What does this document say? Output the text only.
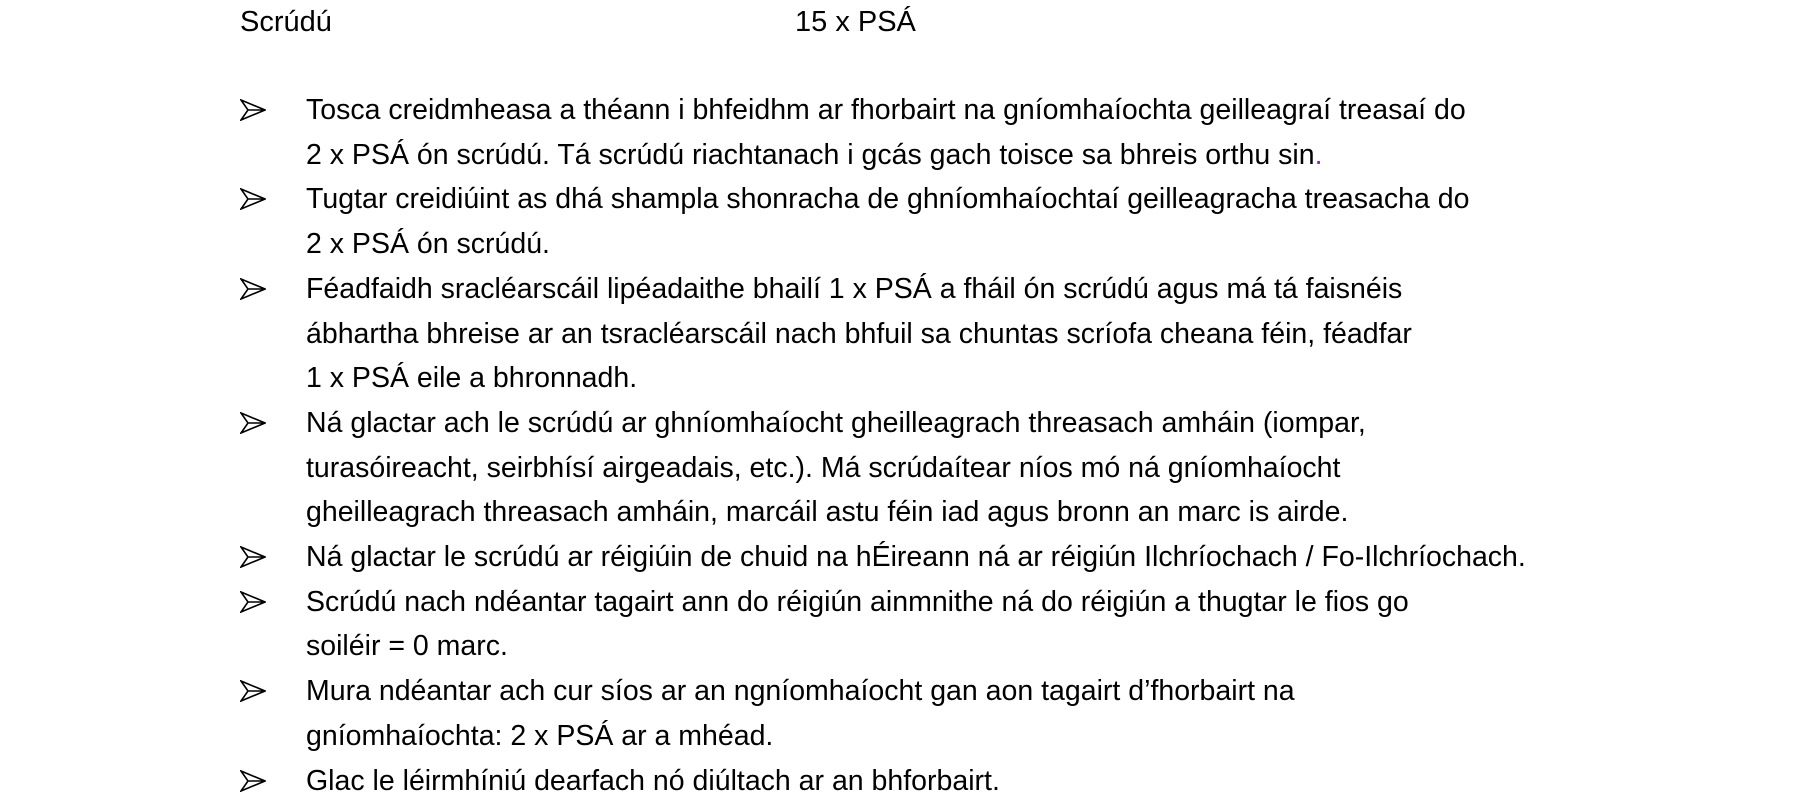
Scrúdú	15 x PSÁ
Tosca creidmheasa a théann i bhfeidhm ar fhorbairt na gníomhaíochta geilleagraí treasaí do
2 x PSÁ ón scrúdú. Tá scrúdú riachtanach i gcás gach toisce sa bhreis orthu sin.
Tugtar creidiúint as dhá shampla shonracha de ghníomhaíochtaí geilleagracha treasacha do
2 x PSÁ ón scrúdú.
Féadfaidh sracléarscáil lipéadaithe bhailí 1 x PSÁ a fháil ón scrúdú agus má tá faisnéis
ábhartha bhreise ar an tsracléarscáil nach bhfuil sa chuntas scríofa cheana féin, féadfar
1 x PSÁ eile a bhronnadh.
Ná glactar ach le scrúdú ar ghníomhaíocht gheilleagrach threasach amháin (iompar,
turasóireacht, seirbhísí airgeadais, etc.). Má scrúdaítear níos mó ná gníomhaíocht
gheilleagrach threasach amháin, marcáil astu féin iad agus bronn an marc is airde.
Ná glactar le scrúdú ar réigiúin de chuid na hÉireann ná ar réigiún Ilchríochach / Fo-Ilchríochach.
Scrúdú nach ndéantar tagairt ann do réigiún ainmnithe ná do réigiún a thugtar le fios go
soiléir = 0 marc.
Mura ndéantar ach cur síos ar an ngníomhaíocht gan aon tagairt d’fhorbairt na
gníomhaíochta: 2 x PSÁ ar a mhéad.
Glac le léirmhíniú dearfach nó diúltach ar an bhforbairt.
